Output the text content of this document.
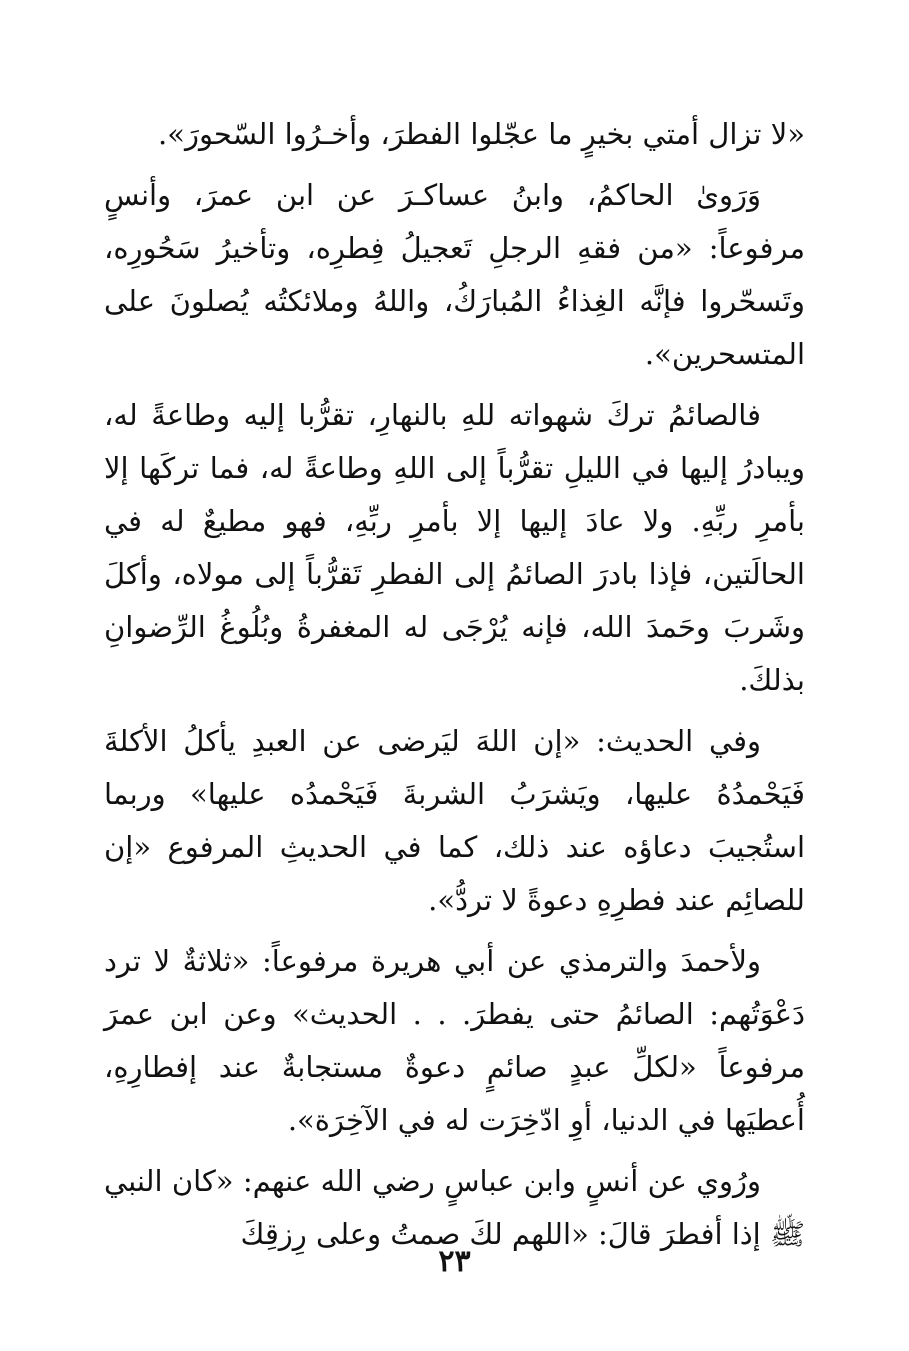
«لا تزال أمتي بخيرٍ ما عجّلوا الفطرَ، وأخـرُوا السّحورَ».

وَرَوىٰ الحاكمُ، وابنُ عساكـرَ عن ابن عمرَ، وأنسٍ مرفوعاً: «من فقهِ الرجلِ تَعجيلُ فِطرِه، وتأخيرُ سَحُورِه، وتَسحّروا فإنَّه الغِذاءُ المُبارَكُ، واللهُ وملائكتُه يُصلونَ على المتسحرين».

فالصائمُ تركَ شهواته للهِ بالنهارِ، تقرُّبا إليه وطاعةً له، ويبادرُ إليها في الليلِ تقرُّباً إلى اللهِ وطاعةً له، فما تركَها إلا بأمرِ ربِّهِ. ولا عادَ إليها إلا بأمرِ ربِّهِ، فهو مطيعٌ له في الحالَتين، فإذا بادرَ الصائمُ إلى الفطرِ تَقرُّباً إلى مولاه، وأكلَ وشَربَ وحَمدَ الله، فإنه يُرْجَى له المغفرةُ وبُلُوغُ الرِّضوانِ بذلكَ.

وفي الحديث: «إن اللهَ ليَرضى عن العبدِ يأكلُ الأكلةَ فَيَحْمدُهُ عليها، ويَشرَبُ الشربةَ فَيَحْمدُه عليها» وربما استُجيبَ دعاؤه عند ذلك، كما في الحديثِ المرفوع «إن للصائِم عند فطرِهِ دعوةً لا تردُّ».

ولأحمدَ والترمذي عن أبي هريرة مرفوعاً: «ثلاثةٌ لا ترد دَعْوَتُهم: الصائمُ حتى يفطرَ. . . الحديث» وعن ابن عمرَ مرفوعاً «لكلِّ عبدٍ صائمٍ دعوةٌ مستجابةٌ عند إفطارِهِ، أُعطيَها في الدنيا، أوِ ادّخِرَت له في الآخِرَة».

ورُوي عن أنسٍ وابن عباسٍ رضي الله عنهم: «كان النبي ﷺ إذا أفطرَ قالَ: «اللهم لكَ صمتُ وعلى رِزقِكَ

٢٣
